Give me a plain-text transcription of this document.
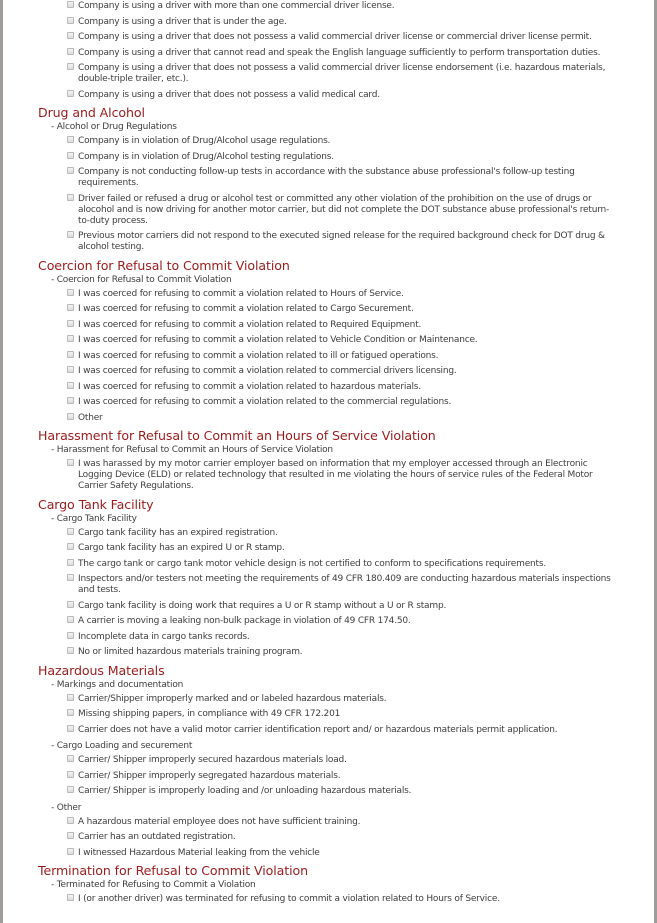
Company is using a driver with more than one commercial driver license.
Company is using a driver that is under the age.
Company is using a driver that does not possess a valid commercial driver license or commercial driver license permit.
Company is using a driver that cannot read and speak the English language sufficiently to perform transportation duties.
Company is using a driver that does not possess a valid commercial driver license endorsement (i.e. hazardous materials, double-triple trailer, etc.).
Company is using a driver that does not possess a valid medical card.
Drug and Alcohol
- Alcohol or Drug Regulations
Company is in violation of Drug/Alcohol usage regulations.
Company is in violation of Drug/Alcohol testing regulations.
Company is not conducting follow-up tests in accordance with the substance abuse professional's follow-up testing requirements.
Driver failed or refused a drug or alcohol test or committed any other violation of the prohibition on the use of drugs or alocohol and is now driving for another motor carrier, but did not complete the DOT substance abuse professional's return-to-duty process.
Previous motor carriers did not respond to the executed signed release for the required background check for DOT drug & alcohol testing.
Coercion for Refusal to Commit Violation
- Coercion for Refusal to Commit Violation
I was coerced for refusing to commit a violation related to Hours of Service.
I was coerced for refusing to commit a violation related to Cargo Securement.
I was coerced for refusing to commit a violation related to Required Equipment.
I was coerced for refusing to commit a violation related to Vehicle Condition or Maintenance.
I was coerced for refusing to commit a violation related to ill or fatigued operations.
I was coerced for refusing to commit a violation related to commercial drivers licensing.
I was coerced for refusing to commit a violation related to hazardous materials.
I was coerced for refusing to commit a violation related to the commercial regulations.
Other
Harassment for Refusal to Commit an Hours of Service Violation
- Harassment for Refusal to Commit an Hours of Service Violation
I was harassed by my motor carrier employer based on information that my employer accessed through an Electronic Logging Device (ELD) or related technology that resulted in me violating the hours of service rules of the Federal Motor Carrier Safety Regulations.
Cargo Tank Facility
- Cargo Tank Facility
Cargo tank facility has an expired registration.
Cargo tank facility has an expired U or R stamp.
The cargo tank or cargo tank motor vehicle design is not certified to conform to specifications requirements.
Inspectors and/or testers not meeting the requirements of 49 CFR 180.409 are conducting hazardous materials inspections and tests.
Cargo tank facility is doing work that requires a U or R stamp without a U or R stamp.
A carrier is moving a leaking non-bulk package in violation of 49 CFR 174.50.
Incomplete data in cargo tanks records.
No or limited hazardous materials training program.
Hazardous Materials
- Markings and documentation
Carrier/Shipper improperly marked and or labeled hazardous materials.
Missing shipping papers, in compliance with 49 CFR 172.201
Carrier does not have a valid motor carrier identification report and/ or hazardous materials permit application.
- Cargo Loading and securement
Carrier/ Shipper improperly secured hazardous materials load.
Carrier/ Shipper improperly segregated hazardous materials.
Carrier/ Shipper is improperly loading and /or unloading hazardous materials.
- Other
A hazardous material employee does not have sufficient training.
Carrier has an outdated registration.
I witnessed Hazardous Material leaking from the vehicle
Termination for Refusal to Commit Violation
- Terminated for Refusing to Commit a Violation
I (or another driver) was terminated for refusing to commit a violation related to Hours of Service.
